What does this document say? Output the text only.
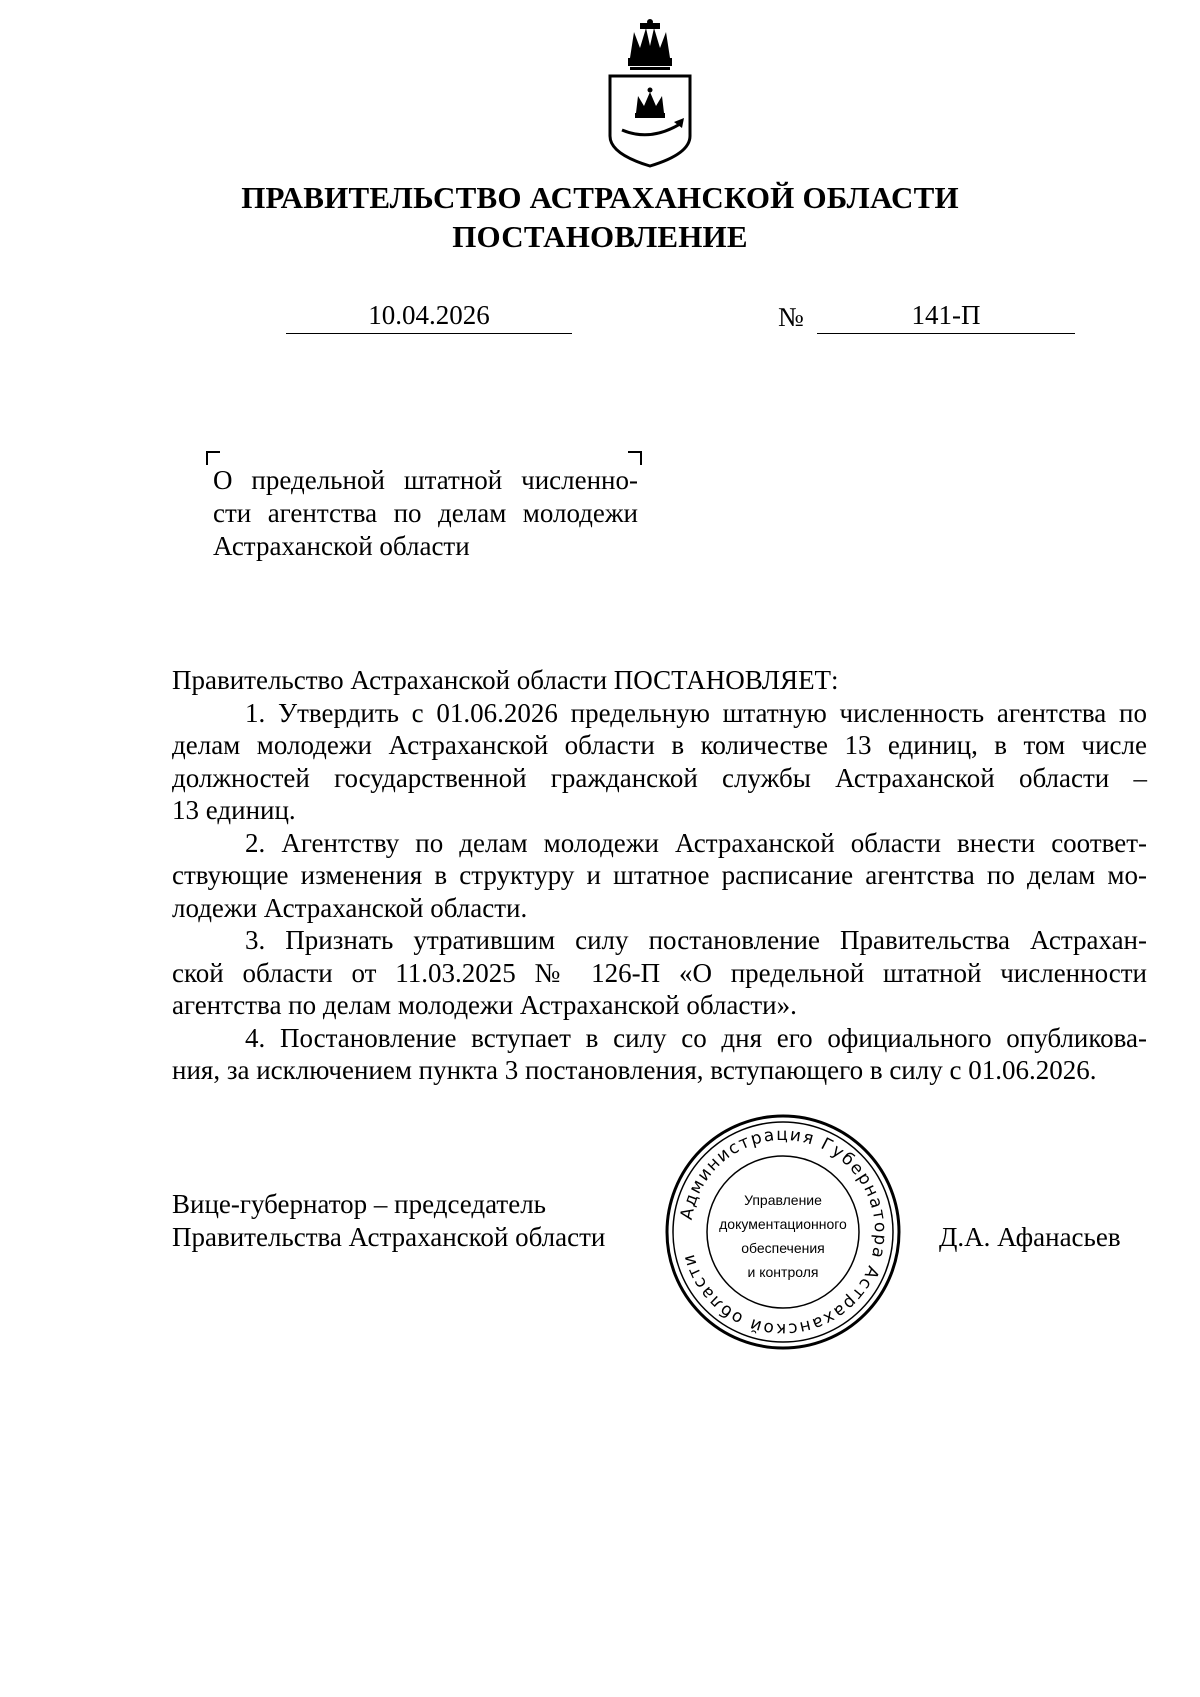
ПРАВИТЕЛЬСТВО АСТРАХАНСКОЙ ОБЛАСТИ
ПОСТАНОВЛЕНИЕ
10.04.2026	№	141-П
О предельной штатной численно-
сти агентства по делам молодежи
Астраханской области
Правительство Астраханской области ПОСТАНОВЛЯЕТ:
1. Утвердить с 01.06.2026 предельную штатную численность агентства по
делам молодежи Астраханской области в количестве 13 единиц, в том числе
должностей государственной гражданской службы Астраханской области –
13 единиц.
2. Агентству по делам молодежи Астраханской области внести соответ-
ствующие изменения в структуру и штатное расписание агентства по делам мо-
лодежи Астраханской области.
3. Признать утратившим силу постановление Правительства Астрахан-
ской области от 11.03.2025 № 126-П «О предельной штатной численности
агентства по делам молодежи Астраханской области».
4. Постановление вступает в силу со дня его официального опубликова-
ния, за исключением пункта 3 постановления, вступающего в силу с 01.06.2026.
Вице-губернатор – председатель
Правительства Астраханской области	Д.А. Афанасьев
Администрация Губернатора Астраханской области
Управление
документационного
обеспечения
и контроля
